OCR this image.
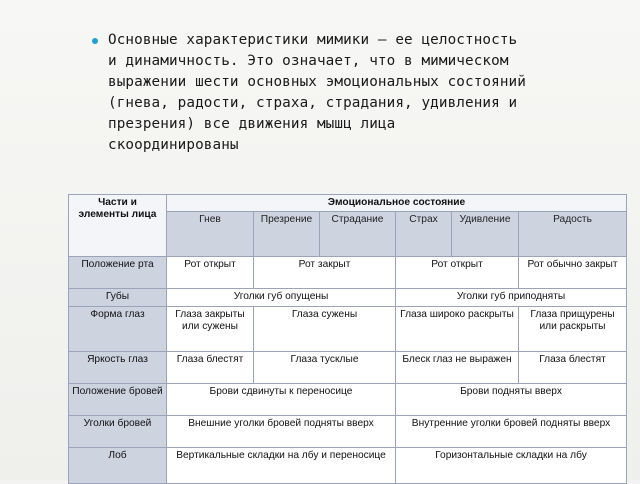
Основные характеристики мимики — ее целостность и динамичность. Это означает, что в мимическом выражении шести основных эмоциональных состояний (гнева, радости, страха, страдания, удивления и презрения) все движения мышц лица скоординированы

Части и элементы лица	Эмоциональное состояние					
	Гнев	Презрение	Страдание	Страх	Удивление	Радость
Положение рта	Рот открыт	Рот закрыт		Рот открыт		Рот обычно закрыт
Губы	Уголки губ опущены			Уголки губ приподняты		
Форма глаз	Глаза закрыты или сужены	Глаза сужены		Глаза широко раскрыты		Глаза прищурены или раскрыты
Яркость глаз	Глаза блестят	Глаза тусклые		Блеск глаз не выражен		Глаза блестят
Положение бровей	Брови сдвинуты к переносице			Брови подняты вверх		
Уголки бровей	Внешние уголки бровей подняты вверх			Внутренние уголки бровей подняты вверх		
Лоб	Вертикальные складки на лбу и переносице			Горизонтальные складки на лбу		
